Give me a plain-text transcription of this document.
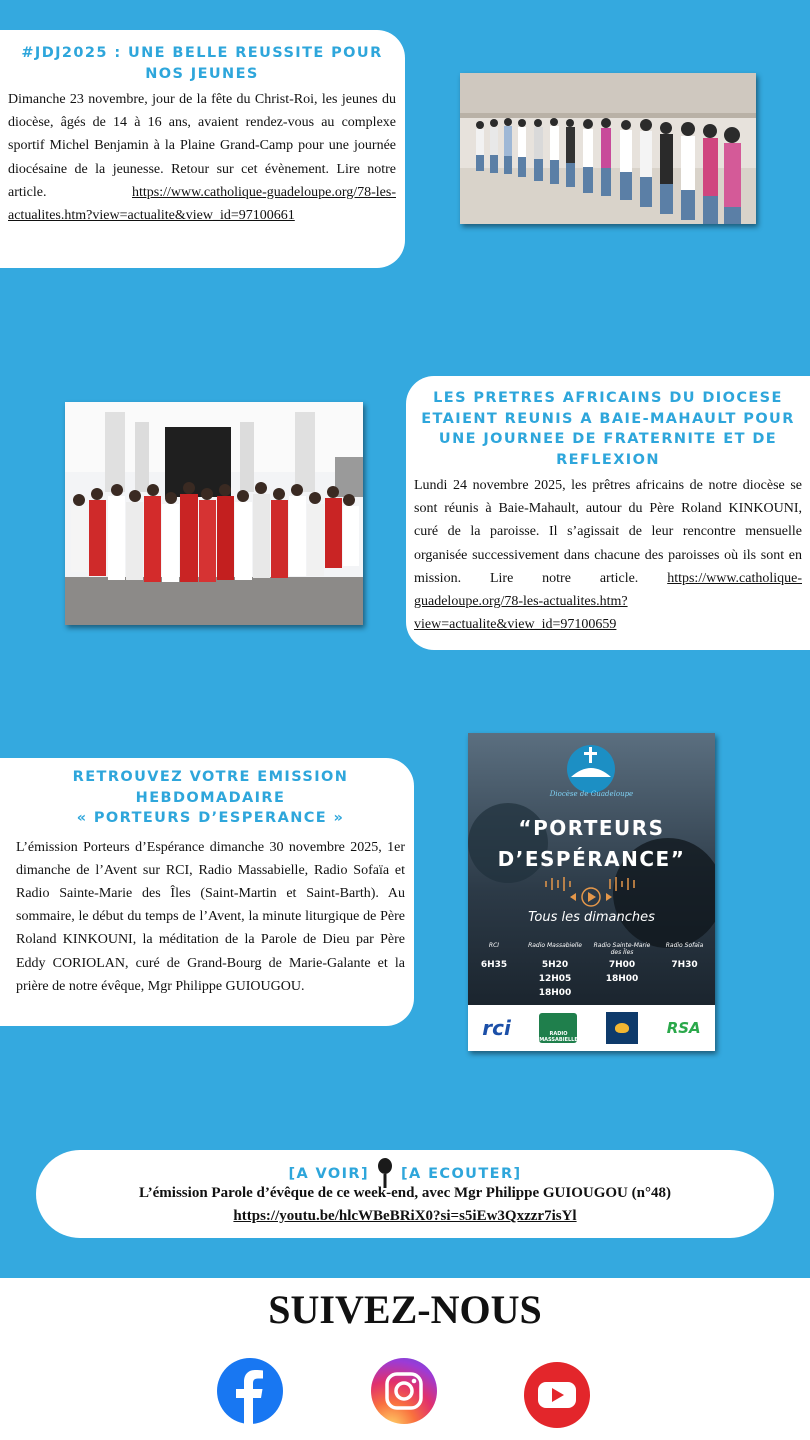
#JDJ2025 : UNE BELLE REUSSITE POUR NOS JEUNES

Dimanche 23 novembre, jour de la fête du Christ-Roi, les jeunes du diocèse, âgés de 14 à 16 ans, avaient rendez-vous au complexe sportif Michel Benjamin à la Plaine Grand-Camp pour une journée diocésaine de la jeunesse. Retour sur cet évènement. Lire notre article. https://www.catholique-guadeloupe.org/78-les-actualites.htm?view=actualite&view_id=97100661

LES PRETRES AFRICAINS DU DIOCESE ETAIENT REUNIS A BAIE-MAHAULT POUR UNE JOURNEE DE FRATERNITE ET DE REFLEXION

Lundi 24 novembre 2025, les prêtres africains de notre diocèse se sont réunis à Baie-Mahault, autour du Père Roland KINKOUNI, curé de la paroisse. Il s’agissait de leur rencontre mensuelle organisée successivement dans chacune des paroisses où ils sont en mission. Lire notre article. https://www.catholique-guadeloupe.org/78-les-actualites.htm?view=actualite&view_id=97100659

RETROUVEZ VOTRE EMISSION
HEBDOMADAIRE
« PORTEURS D’ESPERANCE »

L’émission Porteurs d’Espérance dimanche 30 novembre 2025, 1er dimanche de l’Avent sur RCI, Radio Massabielle, Radio Sofaïa et Radio Sainte-Marie des Îles (Saint-Martin et Saint-Barth). Au sommaire, le début du temps de l’Avent, la minute liturgique de Père Roland KINKOUNI, la méditation de la Parole de Dieu par Père Eddy CORIOLAN, curé de Grand-Bourg de Marie-Galante et la prière de notre évêque, Mgr Philippe GUIOUGOU.

Diocèse de Guadeloupe
“PORTEURS
D’ESPÉRANCE”
Tous les dimanches
RCI
6H35
Radio Massabielle
5H20
12H05
18H00
Radio Sainte-Marie des Îles
7H00
18H00
Radio Sofaïa
7H30
rci	RADIO MASSABIELLE
RSA
[A VOIR] [A ECOUTER]
L’émission Parole d’évêque de ce week-end, avec Mgr Philippe GUIOUGOU (n°48)
https://youtu.be/hlcWBeBRiX0?si=s5iEw3Qxzzr7isYl
SUIVEZ-NOUS
